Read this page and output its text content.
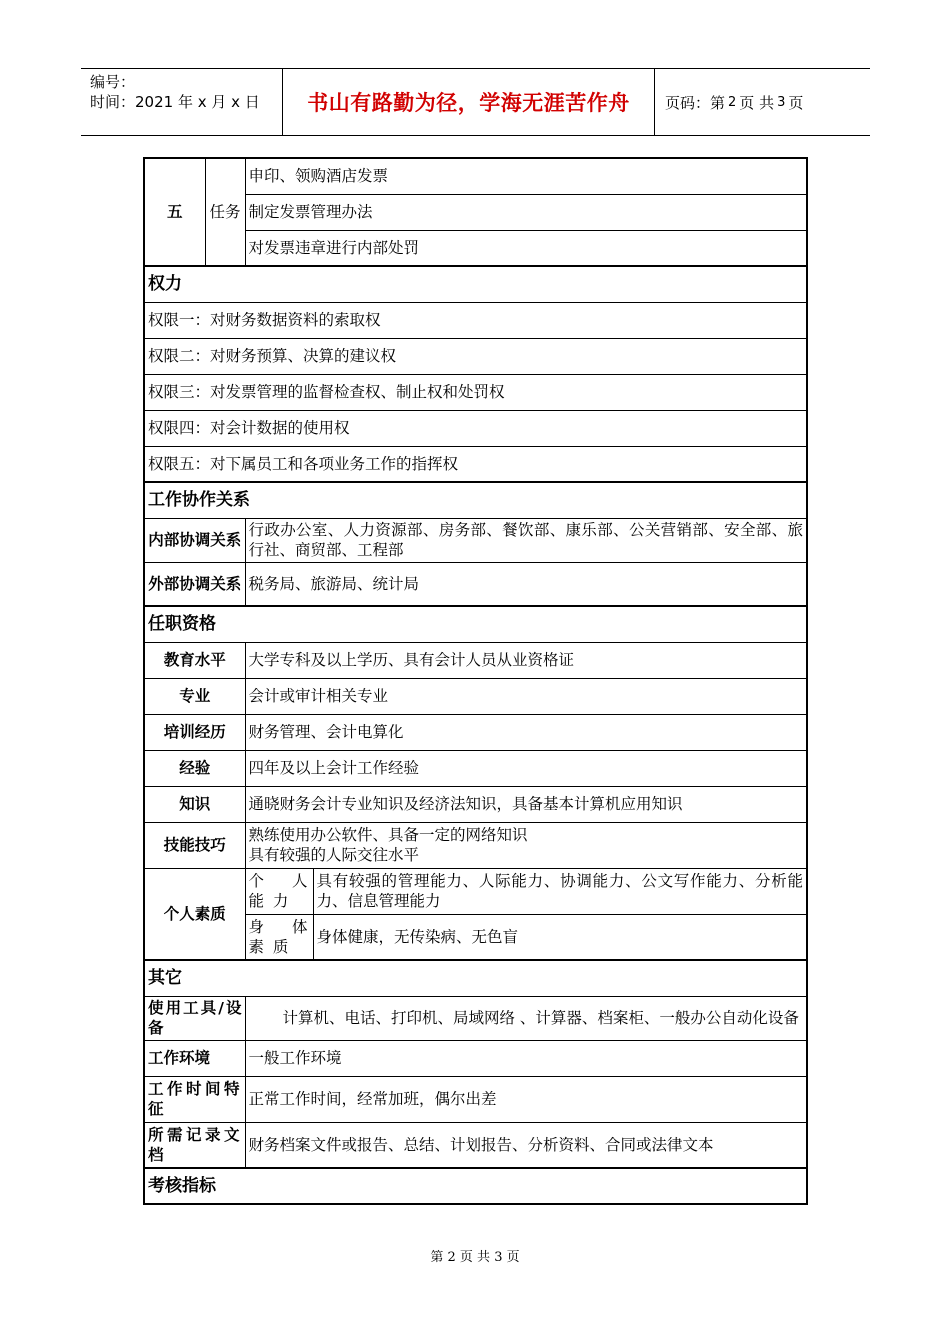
编号：
时间：2021 年 x 月 x 日	书山有路勤为径，学海无涯苦作舟	页码：第 2 页 共 3 页
五	任务	申印、领购酒店发票	
		制定发票管理办法	
		对发票违章进行内部处罚	
权力			
权限一：对财务数据资料的索取权			
权限二：对财务预算、决算的建议权			
权限三：对发票管理的监督检查权、制止权和处罚权			
权限四：对会计数据的使用权			
权限五：对下属员工和各项业务工作的指挥权			
工作协作关系			
内部协调关系		行政办公室、人力资源部、房务部、餐饮部、康乐部、公关营销部、安全部、旅行社、商贸部、工程部	
外部协调关系		税务局、旅游局、统计局	
任职资格			
教育水平		大学专科及以上学历、具有会计人员从业资格证	
专业		会计或审计相关专业	
培训经历		财务管理、会计电算化	
经验		四年及以上会计工作经验	
知识		通晓财务会计专业知识及经济法知识，具备基本计算机应用知识	
技能技巧		熟练使用办公软件、具备一定的网络知识
具有较强的人际交往水平	

个人素质		个 人 能 力	具有较强的管理能力、人际能力、协调能力、公文写作能力、分析能力、信息管理能力
		身 体 素 质	身体健康，无传染病、无色盲
其它			
使用工具/设备		计算机、电话、打印机、局域网络 、计算器、档案柜、一般办公自动化设备	
工作环境		一般工作环境	
工作时间特征		正常工作时间，经常加班，偶尔出差	
所需记录文档		财务档案文件或报告、总结、计划报告、分析资料、合同或法律文本	
考核指标			
第 2 页 共 3 页
